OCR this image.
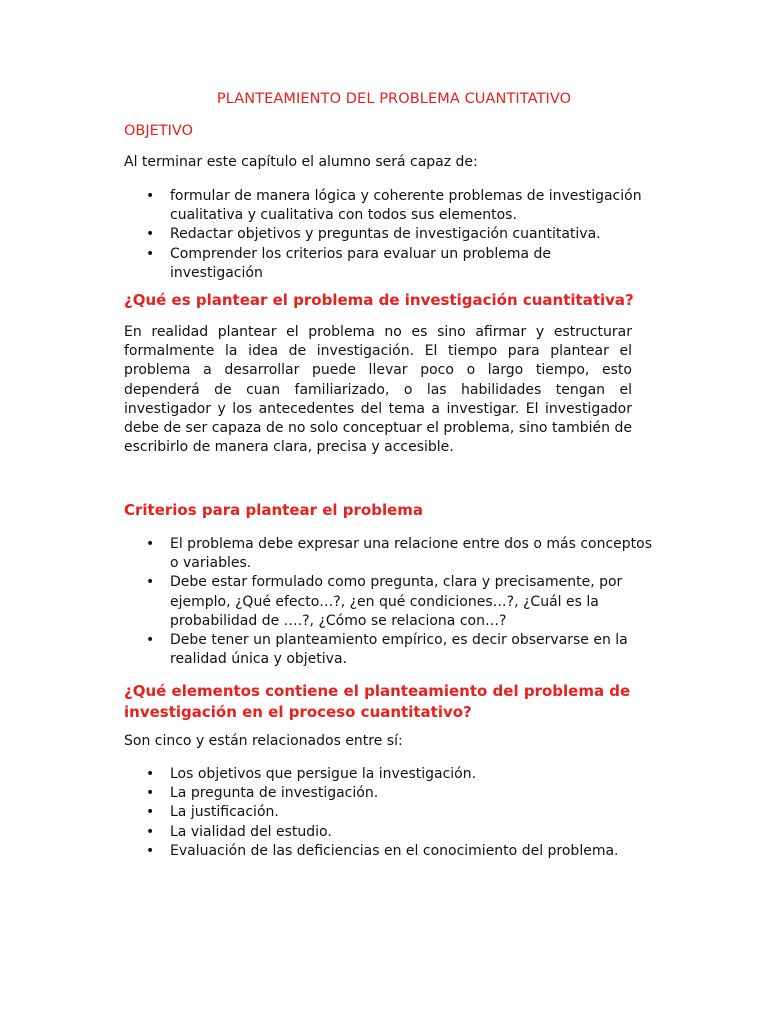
PLANTEAMIENTO DEL PROBLEMA CUANTITATIVO
OBJETIVO
Al terminar este capítulo el alumno será capaz de:
• formular de manera lógica y coherente problemas de investigación cualitativa y cualitativa con todos sus elementos.
• Redactar objetivos y preguntas de investigación cuantitativa.
• Comprender los criterios para evaluar un problema de investigación
¿Qué es plantear el problema de investigación cuantitativa?

En realidad plantear el problema no es sino afirmar y estructurar formalmente la idea de investigación. El tiempo para plantear el problema a desarrollar puede llevar poco o largo tiempo, esto dependerá de cuan familiarizado, o las habilidades tengan el investigador y los antecedentes del tema a investigar. El investigador debe de ser capaza de no solo conceptuar el problema, sino también de escribirlo de manera clara, precisa y accesible.

Criterios para plantear el problema
• El problema debe expresar una relacione entre dos o más conceptos o variables.
• Debe estar formulado como pregunta, clara y precisamente, por ejemplo, ¿Qué efecto…?, ¿en qué condiciones…?, ¿Cuál es la probabilidad de ….?, ¿Cómo se relaciona con…?
• Debe tener un planteamiento empírico, es decir observarse en la realidad única y objetiva.
¿Qué elementos contiene el planteamiento del problema de investigación en el proceso cuantitativo?
Son cinco y están relacionados entre sí:
• Los objetivos que persigue la investigación.
• La pregunta de investigación.
• La justificación.
• La vialidad del estudio.
• Evaluación de las deficiencias en el conocimiento del problema.
